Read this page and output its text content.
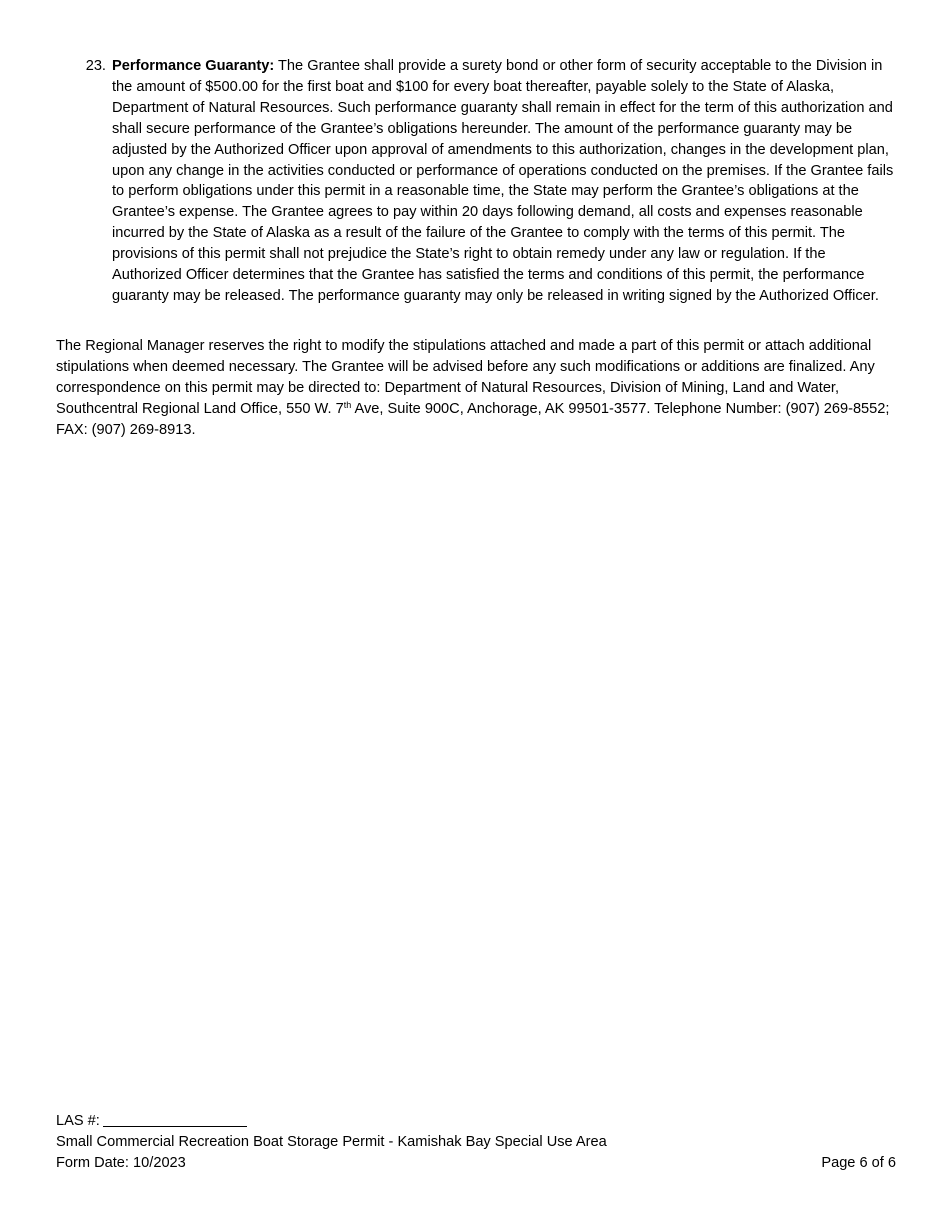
23. Performance Guaranty: The Grantee shall provide a surety bond or other form of security acceptable to the Division in the amount of $500.00 for the first boat and $100 for every boat thereafter, payable solely to the State of Alaska, Department of Natural Resources. Such performance guaranty shall remain in effect for the term of this authorization and shall secure performance of the Grantee’s obligations hereunder. The amount of the performance guaranty may be adjusted by the Authorized Officer upon approval of amendments to this authorization, changes in the development plan, upon any change in the activities conducted or performance of operations conducted on the premises. If the Grantee fails to perform obligations under this permit in a reasonable time, the State may perform the Grantee’s obligations at the Grantee’s expense. The Grantee agrees to pay within 20 days following demand, all costs and expenses reasonable incurred by the State of Alaska as a result of the failure of the Grantee to comply with the terms of this permit. The provisions of this permit shall not prejudice the State’s right to obtain remedy under any law or regulation. If the Authorized Officer determines that the Grantee has satisfied the terms and conditions of this permit, the performance guaranty may be released. The performance guaranty may only be released in writing signed by the Authorized Officer.

The Regional Manager reserves the right to modify the stipulations attached and made a part of this permit or attach additional stipulations when deemed necessary. The Grantee will be advised before any such modifications or additions are finalized. Any correspondence on this permit may be directed to: Department of Natural Resources, Division of Mining, Land and Water, Southcentral Regional Land Office, 550 W. 7th Ave, Suite 900C, Anchorage, AK 99501-3577. Telephone Number: (907) 269-8552; FAX: (907) 269-8913.

LAS #:
Small Commercial Recreation Boat Storage Permit - Kamishak Bay Special Use Area
Form Date: 10/2023	Page 6 of 6
